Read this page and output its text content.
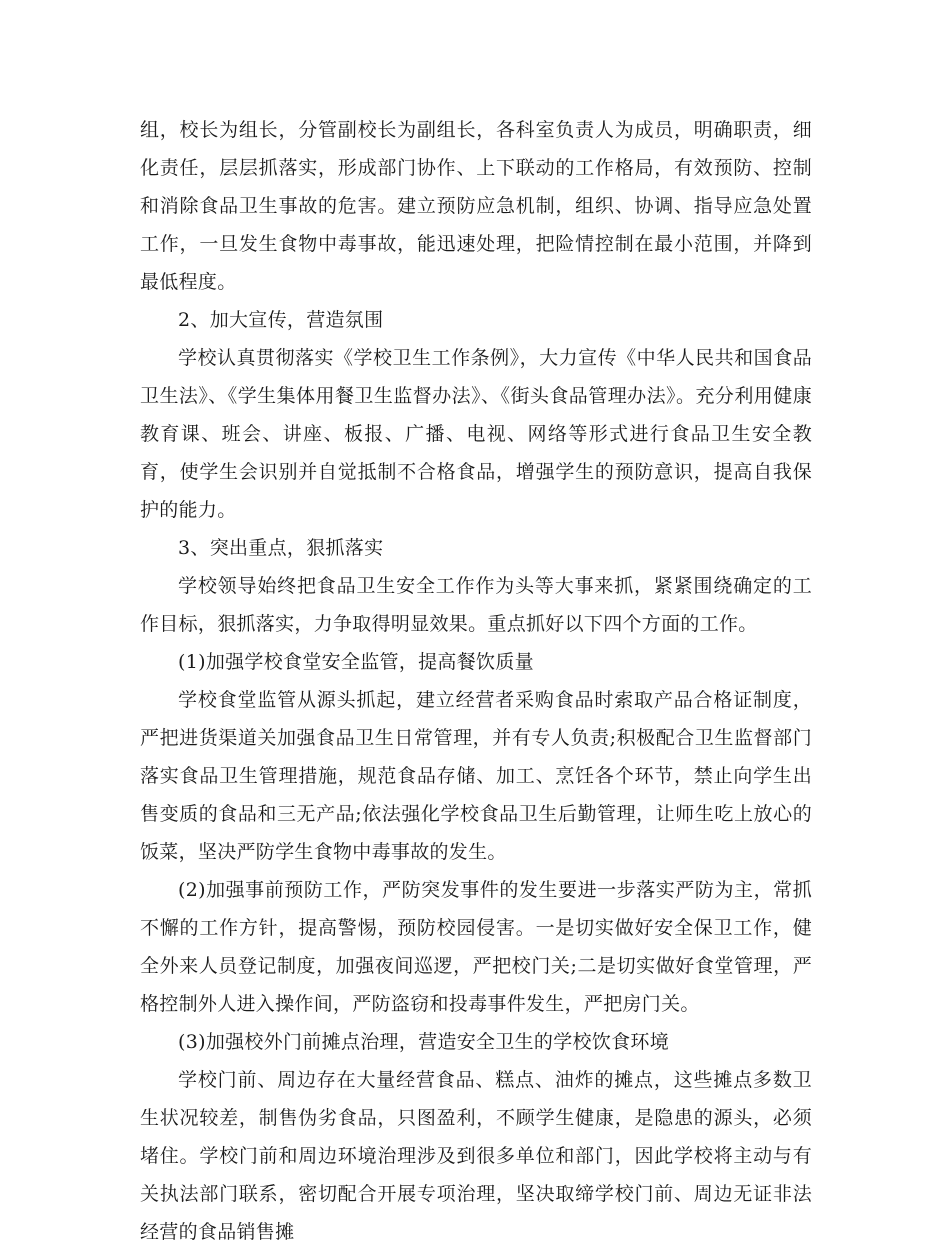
组，校长为组长，分管副校长为副组长，各科室负责人为成员，明确职责，细化责任，层层抓落实，形成部门协作、上下联动的工作格局，有效预防、控制和消除食品卫生事故的危害。建立预防应急机制，组织、协调、指导应急处置工作，一旦发生食物中毒事故，能迅速处理，把险情控制在最小范围，并降到最低程度。

2、加大宣传，营造氛围

学校认真贯彻落实《学校卫生工作条例》，大力宣传《中华人民共和国食品卫生法》、《学生集体用餐卫生监督办法》、《街头食品管理办法》。充分利用健康教育课、班会、讲座、板报、广播、电视、网络等形式进行食品卫生安全教育，使学生会识别并自觉抵制不合格食品，增强学生的预防意识，提高自我保护的能力。

3、突出重点，狠抓落实

学校领导始终把食品卫生安全工作作为头等大事来抓，紧紧围绕确定的工作目标，狠抓落实，力争取得明显效果。重点抓好以下四个方面的工作。

(1)加强学校食堂安全监管，提高餐饮质量

学校食堂监管从源头抓起，建立经营者采购食品时索取产品合格证制度，严把进货渠道关加强食品卫生日常管理，并有专人负责;积极配合卫生监督部门落实食品卫生管理措施，规范食品存储、加工、烹饪各个环节，禁止向学生出售变质的食品和三无产品;依法强化学校食品卫生后勤管理，让师生吃上放心的饭菜，坚决严防学生食物中毒事故的发生。

(2)加强事前预防工作，严防突发事件的发生要进一步落实严防为主，常抓不懈的工作方针，提高警惕，预防校园侵害。一是切实做好安全保卫工作，健全外来人员登记制度，加强夜间巡逻，严把校门关;二是切实做好食堂管理，严格控制外人进入操作间，严防盗窃和投毒事件发生，严把房门关。

(3)加强校外门前摊点治理，营造安全卫生的学校饮食环境

学校门前、周边存在大量经营食品、糕点、油炸的摊点，这些摊点多数卫生状况较差，制售伪劣食品，只图盈利，不顾学生健康，是隐患的源头，必须堵住。学校门前和周边环境治理涉及到很多单位和部门，因此学校将主动与有关执法部门联系，密切配合开展专项治理，坚决取缔学校门前、周边无证非法经营的食品销售摊
